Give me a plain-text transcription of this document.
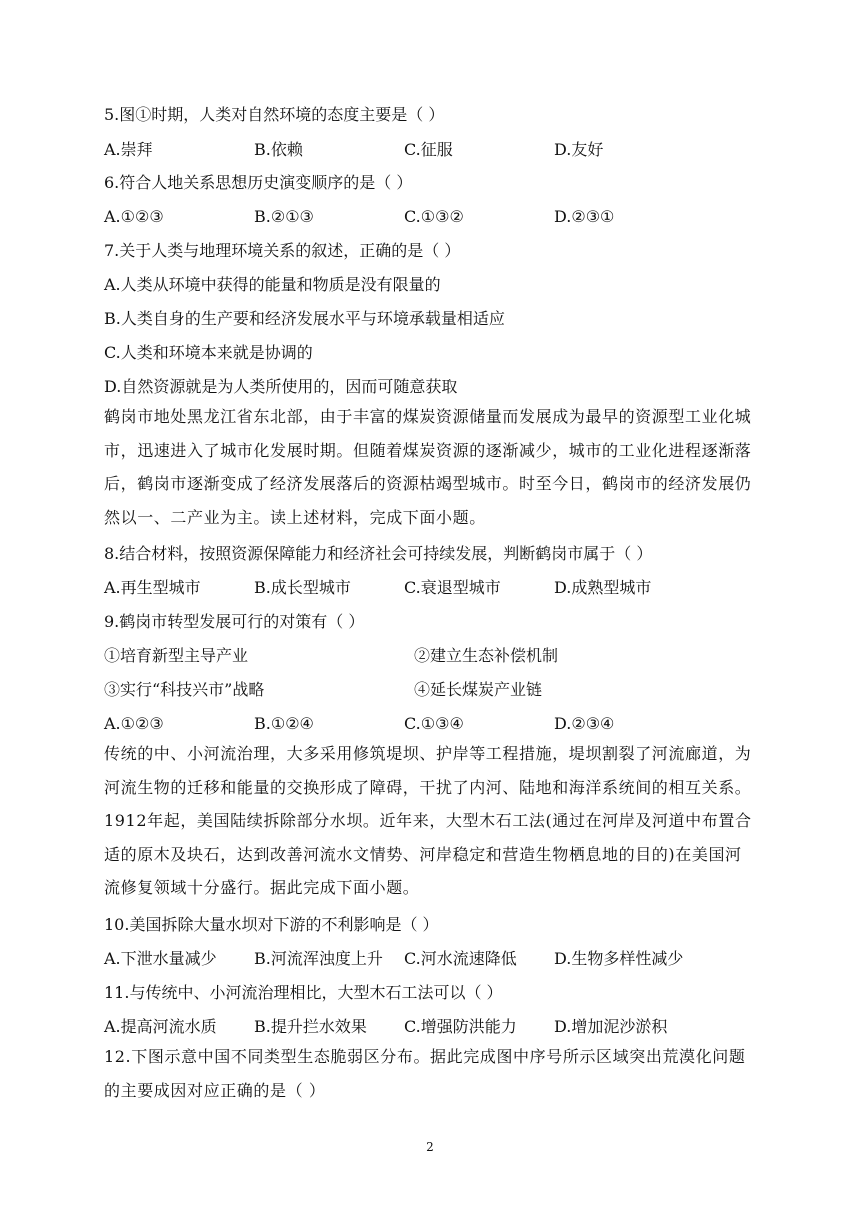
5.图①时期，人类对自然环境的态度主要是（ ）
A.崇拜	B.依赖	C.征服	D.友好
6.符合人地关系思想历史演变顺序的是（ ）
A.①②③	B.②①③	C.①③②	D.②③①
7.关于人类与地理环境关系的叙述，正确的是（ ）
A.人类从环境中获得的能量和物质是没有限量的
B.人类自身的生产要和经济发展水平与环境承载量相适应
C.人类和环境本来就是协调的
D.自然资源就是为人类所使用的，因而可随意获取
鹤岗市地处黑龙江省东北部，由于丰富的煤炭资源储量而发展成为最早的资源型工业化城市，迅速进入了城市化发展时期。但随着煤炭资源的逐渐减少，城市的工业化进程逐渐落后，鹤岗市逐渐变成了经济发展落后的资源枯竭型城市。时至今日，鹤岗市的经济发展仍然以一、二产业为主。读上述材料，完成下面小题。
8.结合材料，按照资源保障能力和经济社会可持续发展，判断鹤岗市属于（ ）
A.再生型城市	B.成长型城市	C.衰退型城市	D.成熟型城市
9.鹤岗市转型发展可行的对策有（ ）
①培育新型主导产业	②建立生态补偿机制
③实行“科技兴市”战略	④延长煤炭产业链
A.①②③	B.①②④	C.①③④	D.②③④
传统的中、小河流治理，大多采用修筑堤坝、护岸等工程措施，堤坝割裂了河流廊道，为河流生物的迁移和能量的交换形成了障碍，干扰了内河、陆地和海洋系统间的相互关系。1912年起，美国陆续拆除部分水坝。近年来，大型木石工法(通过在河岸及河道中布置合适的原木及块石，达到改善河流水文情势、河岸稳定和营造生物栖息地的目的)在美国河流修复领域十分盛行。据此完成下面小题。
10.美国拆除大量水坝对下游的不利影响是（ ）
A.下泄水量减少 B.河流浑浊度上升 C.河水流速降低 D.生物多样性减少
11.与传统中、小河流治理相比，大型木石工法可以（ ）
A.提高河流水质 B.提升拦水效果 C.增强防洪能力 D.增加泥沙淤积
12.下图示意中国不同类型生态脆弱区分布。据此完成图中序号所示区域突出荒漠化问题的主要成因对应正确的是（ ）
2
